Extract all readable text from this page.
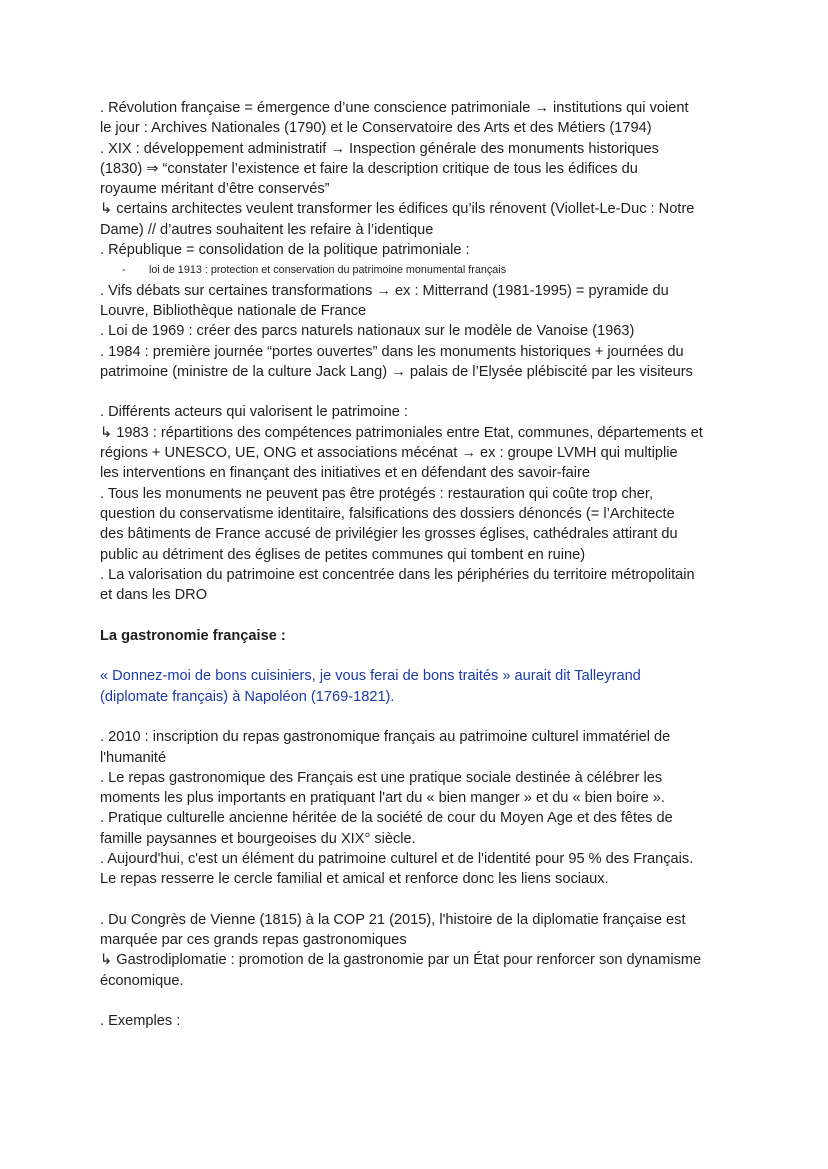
. Révolution française = émergence d’une conscience patrimoniale → institutions qui voient
le jour : Archives Nationales (1790) et le Conservatoire des Arts et des Métiers (1794)
. XIX : développement administratif → Inspection générale des monuments historiques
(1830) ⇒ “constater l’existence et faire la description critique de tous les édifices du
royaume méritant d’être conservés”
↳ certains architectes veulent transformer les édifices qu’ils rénovent (Viollet-Le-Duc : Notre
Dame) // d’autres souhaitent les refaire à l’identique
. République = consolidation de la politique patrimoniale :
- loi de 1913 : protection et conservation du patrimoine monumental français
. Vifs débats sur certaines transformations → ex : Mitterrand (1981-1995) = pyramide du
Louvre, Bibliothèque nationale de France
. Loi de 1969 : créer des parcs naturels nationaux sur le modèle de Vanoise (1963)
. 1984 : première journée “portes ouvertes” dans les monuments historiques + journées du
patrimoine (ministre de la culture Jack Lang) → palais de l’Elysée plébiscité par les visiteurs
. Différents acteurs qui valorisent le patrimoine :
↳ 1983 : répartitions des compétences patrimoniales entre Etat, communes, départements et
régions + UNESCO, UE, ONG et associations mécénat → ex : groupe LVMH qui multiplie
les interventions en finançant des initiatives et en défendant des savoir-faire
. Tous les monuments ne peuvent pas être protégés : restauration qui coûte trop cher,
question du conservatisme identitaire, falsifications des dossiers dénoncés (= l’Architecte
des bâtiments de France accusé de privilégier les grosses églises, cathédrales attirant du
public au détriment des églises de petites communes qui tombent en ruine)
. La valorisation du patrimoine est concentrée dans les périphéries du territoire métropolitain
et dans les DRO
La gastronomie française :
« Donnez-moi de bons cuisiniers, je vous ferai de bons traités » aurait dit Talleyrand
(diplomate français) à Napoléon (1769-1821).
. 2010 : inscription du repas gastronomique français au patrimoine culturel immatériel de
l'humanité
. Le repas gastronomique des Français est une pratique sociale destinée à célébrer les
moments les plus importants en pratiquant l'art du « bien manger » et du « bien boire ».
. Pratique culturelle ancienne héritée de la société de cour du Moyen Age et des fêtes de
famille paysannes et bourgeoises du XIX° siècle.
. Aujourd'hui, c'est un élément du patrimoine culturel et de l'identité pour 95 % des Français.
Le repas resserre le cercle familial et amical et renforce donc les liens sociaux.
. Du Congrès de Vienne (1815) à la COP 21 (2015), l'histoire de la diplomatie française est
marquée par ces grands repas gastronomiques
↳ Gastrodiplomatie : promotion de la gastronomie par un État pour renforcer son dynamisme
économique.
. Exemples :
